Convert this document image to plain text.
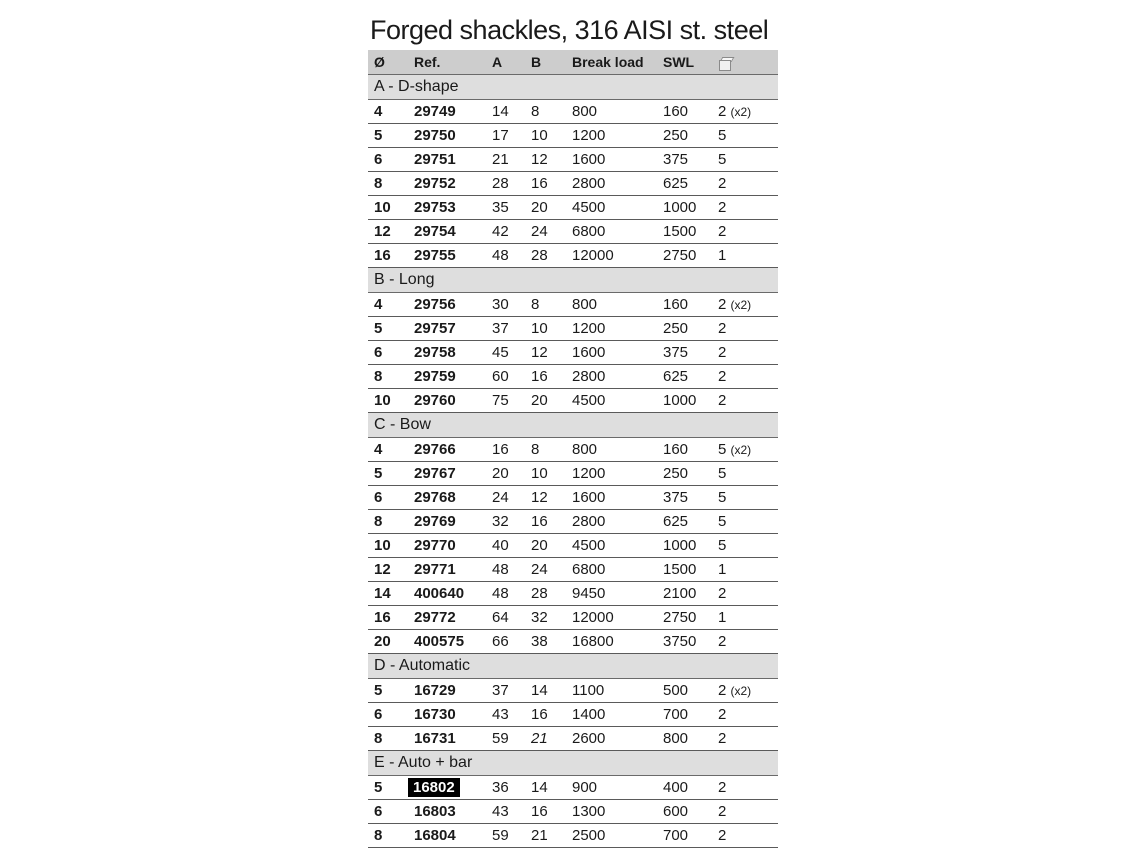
Forged shackles, 316 AISI st. steel
Ø	Ref.	A	B	Break load	SWL	

A - D-shape						
4	29749	14	8	800	160	2 (x2)
5	29750	17	10	1200	250	5
6	29751	21	12	1600	375	5
8	29752	28	16	2800	625	2
10	29753	35	20	4500	1000	2
12	29754	42	24	6800	1500	2
16	29755	48	28	12000	2750	1
B - Long						
4	29756	30	8	800	160	2 (x2)
5	29757	37	10	1200	250	2
6	29758	45	12	1600	375	2
8	29759	60	16	2800	625	2
10	29760	75	20	4500	1000	2
C - Bow						
4	29766	16	8	800	160	5 (x2)
5	29767	20	10	1200	250	5
6	29768	24	12	1600	375	5
8	29769	32	16	2800	625	5
10	29770	40	20	4500	1000	5
12	29771	48	24	6800	1500	1
14	400640	48	28	9450	2100	2
16	29772	64	32	12000	2750	1
20	400575	66	38	16800	3750	2
D - Automatic						
5	16729	37	14	1100	500	2 (x2)
6	16730	43	16	1400	700	2
8	16731	59	21	2600	800	2
E - Auto + bar						
5	16802	36	14	900	400	2
6	16803	43	16	1300	600	2
8	16804	59	21	2500	700	2
